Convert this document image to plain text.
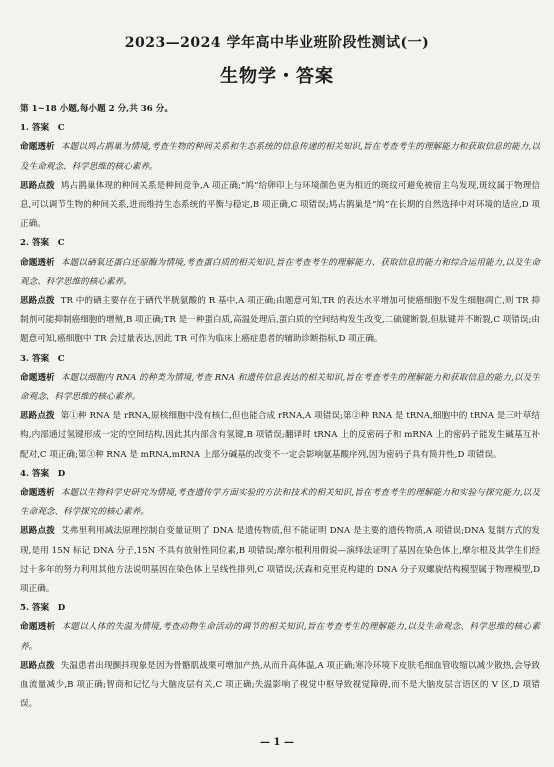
2023—2024 学年高中毕业班阶段性测试(一)
生物学・答案

第 1~18 小题,每小题 2 分,共 36 分。

1. 答案　C

命题透析 本题以鸠占鹊巢为情境,考查生物的种间关系和生态系统的信息传递的相关知识,旨在考查考生的理解能力和获取信息的能力,以及生命观念、科学思维的核心素养。

思路点拨 鸠占鹊巢体现的种间关系是种间竞争,A 项正确;“鸠”给卵印上与环境颜色更为相近的斑纹可避免被宿主鸟发现,斑纹属于物理信息,可以调节生物的种间关系,进而维持生态系统的平衡与稳定,B 项正确,C 项错误;鸠占鹊巢是“鸠”在长期的自然选择中对环境的适应,D 项正确。

2. 答案　C

命题透析 本题以硒氧还蛋白还原酶为情境,考查蛋白质的相关知识,旨在考查考生的理解能力、获取信息的能力和综合运用能力,以及生命观念、科学思维的核心素养。

思路点拨 TR 中的硒主要存在于硒代半胱氨酸的 R 基中,A 项正确;由题意可知,TR 的表达水平增加可使癌细胞不发生细胞凋亡,则 TR 抑制剂可能抑制癌细胞的增殖,B 项正确;TR 是一种蛋白质,高温处理后,蛋白质的空间结构发生改变,二硫键断裂,但肽键并不断裂,C 项错误;由题意可知,癌细胞中 TR 会过量表达,因此 TR 可作为临床上癌症患者的辅助诊断指标,D 项正确。

3. 答案　C

命题透析 本题以细胞内 RNA 的种类为情境,考查 RNA 和遗传信息表达的相关知识,旨在考查考生的理解能力和获取信息的能力,以及生命观念、科学思维的核心素养。

思路点拨 第①种 RNA 是 rRNA,原核细胞中没有核仁,但也能合成 rRNA,A 项错误;第②种 RNA 是 tRNA,细胞中的 tRNA 是三叶草结构,内部通过氢键形成一定的空间结构,因此其内部含有氢键,B 项错误;翻译时 tRNA 上的反密码子和 mRNA 上的密码子能发生碱基互补配对,C 项正确;第③种 RNA 是 mRNA,mRNA 上部分碱基的改变不一定会影响氨基酸序列,因为密码子具有简并性,D 项错误。

4. 答案　D

命题透析 本题以生物科学史研究为情境,考查遗传学方面实验的方法和技术的相关知识,旨在考查考生的理解能力和实验与探究能力,以及生命观念、科学探究的核心素养。

思路点拨 艾弗里利用减法原理控制自变量证明了 DNA 是遗传物质,但不能证明 DNA 是主要的遗传物质,A 项错误;DNA 复制方式的发现,是用 15N 标记 DNA 分子,15N 不具有放射性同位素,B 项错误;摩尔根利用假说—演绎法证明了基因在染色体上,摩尔根及其学生们经过十多年的努力利用其他方法说明基因在染色体上呈线性排列,C 项错误;沃森和克里克构建的 DNA 分子双螺旋结构模型属于物理模型,D 项正确。

5. 答案　D

命题透析 本题以人体的失温为情境,考查动物生命活动的调节的相关知识,旨在考查考生的理解能力,以及生命观念、科学思维的核心素养。

思路点拨 失温患者出现颤抖现象是因为骨骼肌战栗可增加产热,从而升高体温,A 项正确;寒冷环境下皮肤毛细血管收缩以减少散热,会导致血流量减少,B 项正确;智商和记忆与大脑皮层有关,C 项正确;失温影响了视觉中枢导致视觉障碍,而不是大脑皮层言语区的 V 区,D 项错误。

— 1 —
